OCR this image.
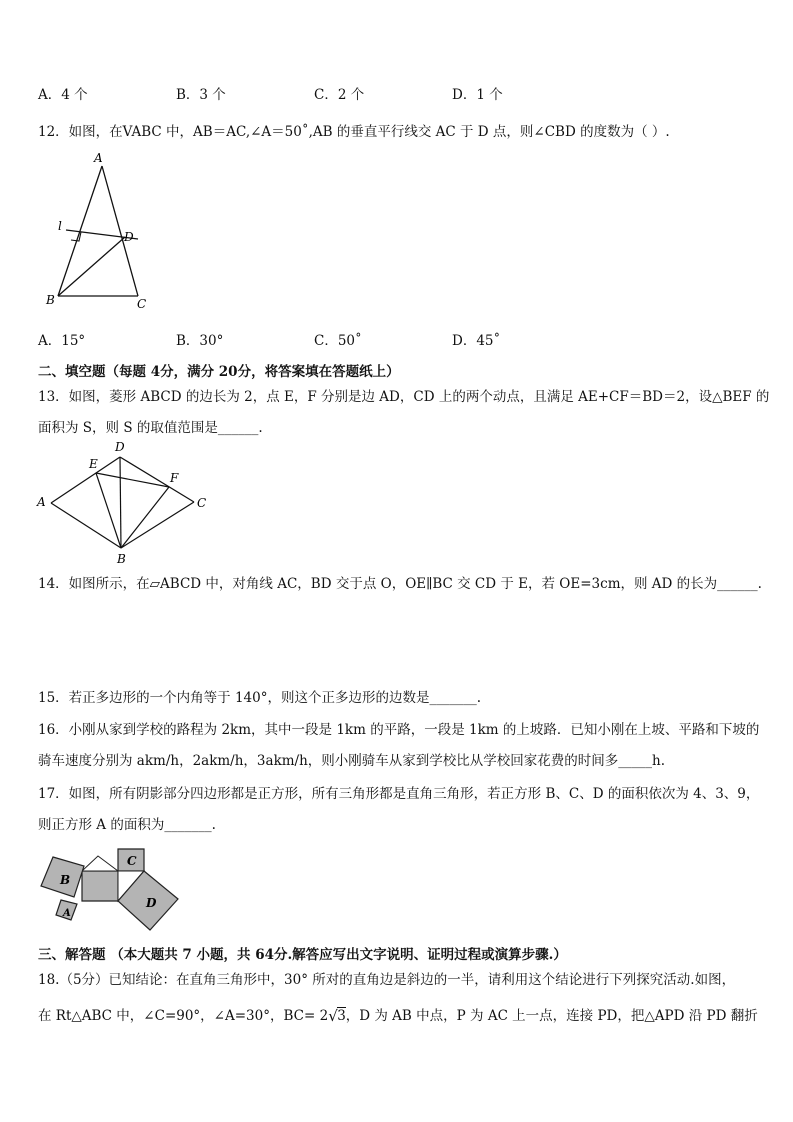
A．4 个	B．3 个	C．2 个	D．1 个
12．如图，在VABC 中，AB＝AC,∠A＝50˚,AB 的垂直平行线交 AC 于 D 点，则∠CBD 的度数为（ ）.
A
B	C
D
l
A．15°	B．30°	C．50˚	D．45˚
二、填空题（每题 4分，满分 20分，将答案填在答题纸上）
13．如图，菱形 ABCD 的边长为 2，点 E，F 分别是边 AD，CD 上的两个动点，且满足 AE+CF＝BD＝2，设△BEF 的
面积为 S，则 S 的取值范围是______.
A
B
C
D
E
F
14．如图所示，在▱ABCD 中，对角线 AC，BD 交于点 O，OE∥BC 交 CD 于 E，若 OE=3cm，则 AD 的长为______.
15．若正多边形的一个内角等于 140°，则这个正多边形的边数是_______.
16．小刚从家到学校的路程为 2km，其中一段是 1km 的平路，一段是 1km 的上坡路．已知小刚在上坡、平路和下坡的
骑车速度分别为 akm/h，2akm/h，3akm/h，则小刚骑车从家到学校比从学校回家花费的时间多_____h.
17．如图，所有阴影部分四边形都是正方形，所有三角形都是直角三角形，若正方形 B、C、D 的面积依次为 4、3、9，
则正方形 A 的面积为_______.
B
A
C
D
三、解答题 （本大题共 7 小题，共 64分.解答应写出文字说明、证明过程或演算步骤.）
18.（5分）已知结论：在直角三角形中，30° 所对的直角边是斜边的一半，请利用这个结论进行下列探究活动.如图，
在 Rt△ABC 中，∠C=90°，∠A=30°，BC= 2 √ 3，D 为 AB 中点，P 为 AC 上一点，连接 PD，把△APD 沿 PD 翻折
